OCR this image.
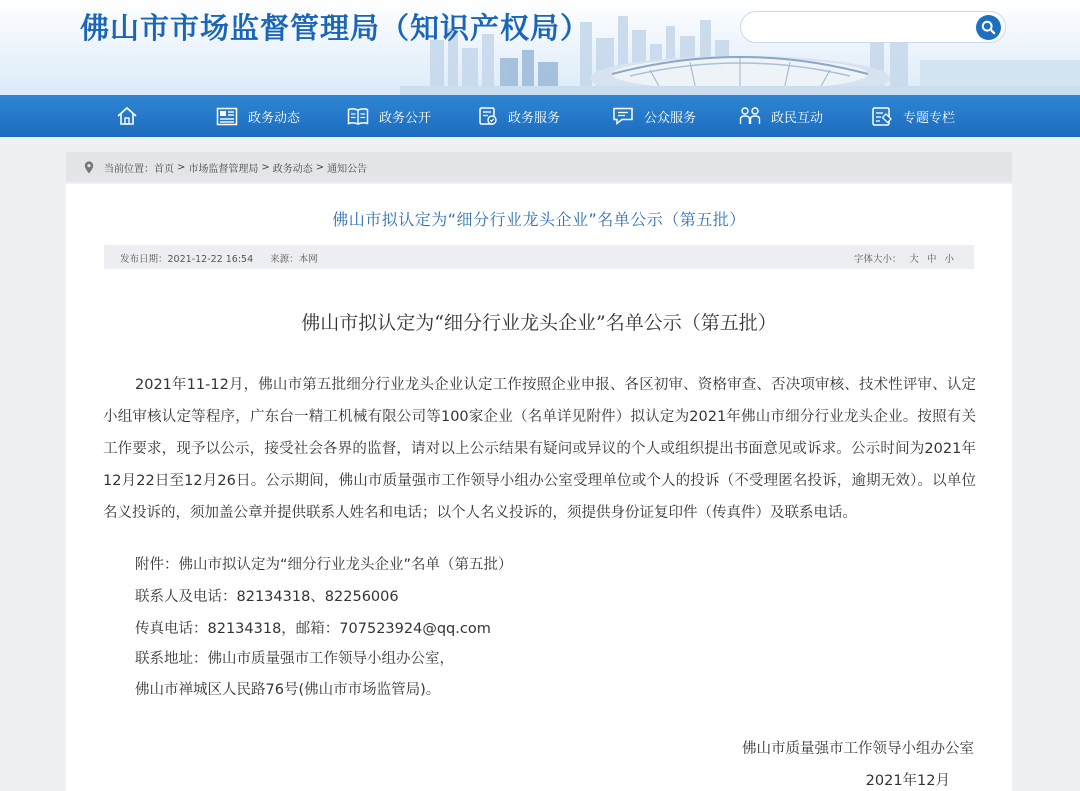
佛山市市场监督管理局（知识产权局）
政务动态	政务公开	政务服务	公众服务	政民互动	专题专栏
当前位置： 首页 > 市场监督管理局 > 政务动态 > 通知公告
佛山市拟认定为“细分行业龙头企业”名单公示（第五批）
发布日期：2021-12-22 16:54 来源：本网	字体大小： 大 中 小
佛山市拟认定为“细分行业龙头企业”名单公示（第五批）
2021年11-12月，佛山市第五批细分行业龙头企业认定工作按照企业申报、各区初审、资格审查、否决项审核、技术性评审、认定小组审核认定等程序，广东台一精工机械有限公司等100家企业（名单详见附件）拟认定为2021年佛山市细分行业龙头企业。按照有关工作要求，现予以公示，接受社会各界的监督，请对以上公示结果有疑问或异议的个人或组织提出书面意见或诉求。公示时间为2021年12月22日至12月26日。公示期间，佛山市质量强市工作领导小组办公室受理单位或个人的投诉（不受理匿名投诉，逾期无效）。以单位名义投诉的，须加盖公章并提供联系人姓名和电话；以个人名义投诉的，须提供身份证复印件（传真件）及联系电话。
附件：佛山市拟认定为“细分行业龙头企业”名单（第五批）
联系人及电话：82134318、82256006
传真电话：82134318，邮箱：707523924@qq.com
联系地址：佛山市质量强市工作领导小组办公室，
佛山市禅城区人民路76号(佛山市市场监管局)。
佛山市质量强市工作领导小组办公室
2021年12月
